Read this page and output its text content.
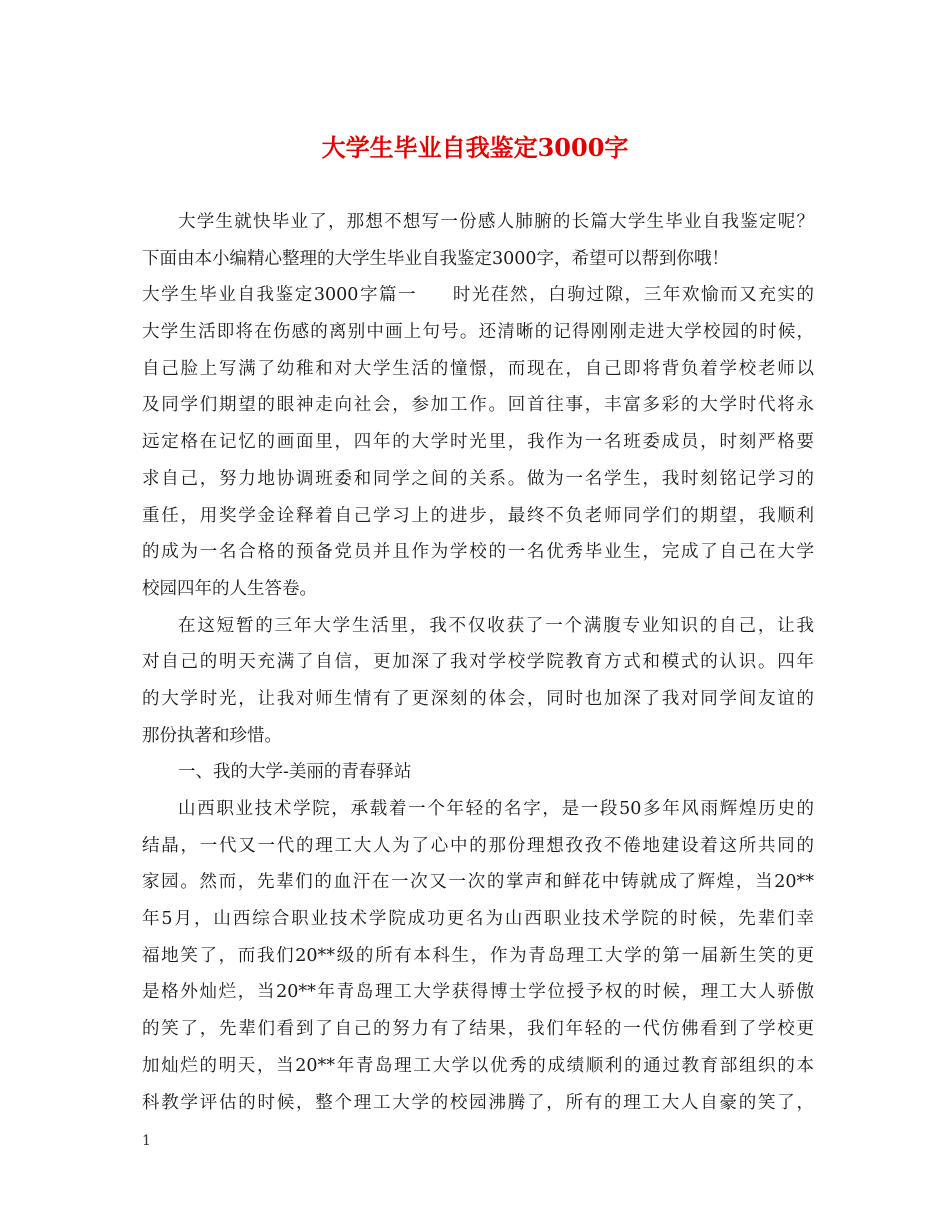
大学生毕业自我鉴定3000字
大学生就快毕业了，那想不想写一份感人肺腑的长篇大学生毕业自我鉴定呢？
下面由本小编精心整理的大学生毕业自我鉴定3000字，希望可以帮到你哦！
大学生毕业自我鉴定3000字篇一 时光荏然，白驹过隙，三年欢愉而又充实的
大学生活即将在伤感的离别中画上句号。还清晰的记得刚刚走进大学校园的时候，
自己脸上写满了幼稚和对大学生活的憧憬，而现在，自己即将背负着学校老师以
及同学们期望的眼神走向社会，参加工作。回首往事，丰富多彩的大学时代将永
远定格在记忆的画面里，四年的大学时光里，我作为一名班委成员，时刻严格要
求自己，努力地协调班委和同学之间的关系。做为一名学生，我时刻铭记学习的
重任，用奖学金诠释着自己学习上的进步，最终不负老师同学们的期望，我顺利
的成为一名合格的预备党员并且作为学校的一名优秀毕业生，完成了自己在大学
校园四年的人生答卷。
在这短暂的三年大学生活里，我不仅收获了一个满腹专业知识的自己，让我
对自己的明天充满了自信，更加深了我对学校学院教育方式和模式的认识。四年
的大学时光，让我对师生情有了更深刻的体会，同时也加深了我对同学间友谊的
那份执著和珍惜。
一、我的大学-美丽的青春驿站
山西职业技术学院，承载着一个年轻的名字，是一段50多年风雨辉煌历史的
结晶，一代又一代的理工大人为了心中的那份理想孜孜不倦地建设着这所共同的
家园。然而，先辈们的血汗在一次又一次的掌声和鲜花中铸就成了辉煌，当20**
年5月，山西综合职业技术学院成功更名为山西职业技术学院的时候，先辈们幸
福地笑了，而我们20**级的所有本科生，作为青岛理工大学的第一届新生笑的更
是格外灿烂，当20**年青岛理工大学获得博士学位授予权的时候，理工大人骄傲
的笑了，先辈们看到了自己的努力有了结果，我们年轻的一代仿佛看到了学校更
加灿烂的明天，当20**年青岛理工大学以优秀的成绩顺利的通过教育部组织的本
科教学评估的时候，整个理工大学的校园沸腾了，所有的理工大人自豪的笑了，
1
